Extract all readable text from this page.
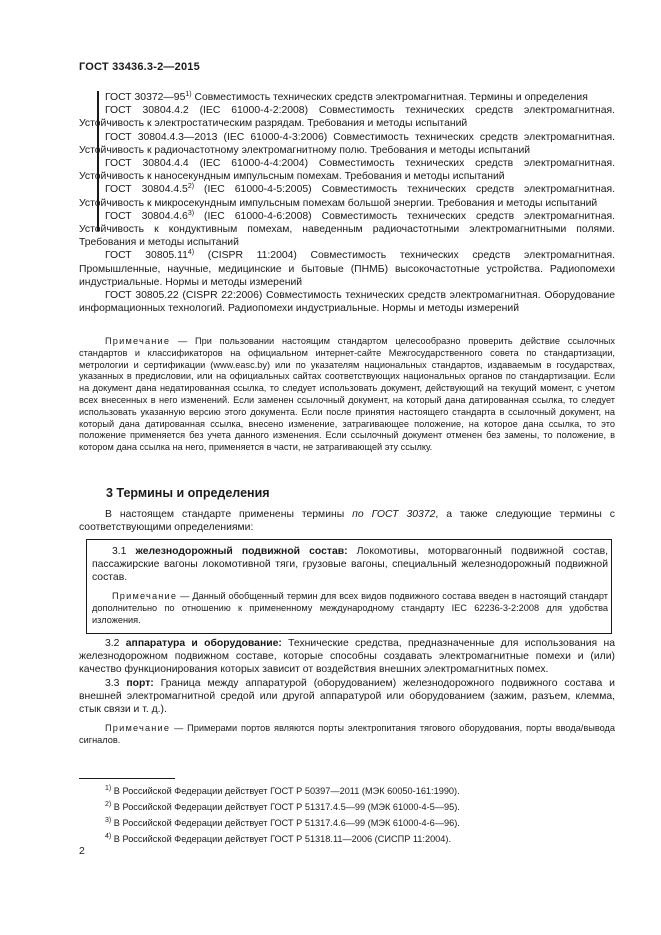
ГОСТ 33436.3-2—2015

ГОСТ 30372—95$^{1)}$ Совместимость технических средств электромагнитная. Термины и определения

ГОСТ 30804.4.2 (IEC 61000-4-2:2008) Совместимость технических средств электромагнитная. Устойчивость к электростатическим разрядам. Требования и методы испытаний

ГОСТ 30804.4.3—2013 (IEC 61000-4-3:2006) Совместимость технических средств электромагнитная. Устойчивость к радиочастотному электромагнитному полю. Требования и методы испытаний

ГОСТ 30804.4.4 (IEC 61000-4-4:2004) Совместимость технических средств электромагнитная. Устойчивость к наносекундным импульсным помехам. Требования и методы испытаний

ГОСТ 30804.4.5$^{2)}$ (IEC 61000-4-5:2005) Совместимость технических средств электромагнитная. Устойчивость к микросекундным импульсным помехам большой энергии. Требования и методы испытаний

ГОСТ 30804.4.6$^{3)}$ (IEC 61000-4-6:2008) Совместимость технических средств электромагнитная. Устойчивость к кондуктивным помехам, наведенным радиочастотными электромагнитными полями. Требования и методы испытаний

ГОСТ 30805.11$^{4)}$ (CISPR 11:2004) Совместимость технических средств электромагнитная. Промышленные, научные, медицинские и бытовые (ПНМБ) высокочастотные устройства. Радиопомехи индустриальные. Нормы и методы измерений

ГОСТ 30805.22 (CISPR 22:2006) Совместимость технических средств электромагнитная. Оборудование информационных технологий. Радиопомехи индустриальные. Нормы и методы измерений

Примечание — При пользовании настоящим стандартом целесообразно проверить действие ссылочных стандартов и классификаторов на официальном интернет-сайте Межгосударственного совета по стандартизации, метрологии и сертификации (www.easc.by) или по указателям национальных стандартов, издаваемым в государствах, указанных в предисловии, или на официальных сайтах соответствующих национальных органов по стандартизации. Если на документ дана недатированная ссылка, то следует использовать документ, действующий на текущий момент, с учетом всех внесенных в него изменений. Если заменен ссылочный документ, на который дана датированная ссылка, то следует использовать указанную версию этого документа. Если после принятия настоящего стандарта в ссылочный документ, на который дана датированная ссылка, внесено изменение, затрагивающее положение, на которое дана ссылка, то это положение применяется без учета данного изменения. Если ссылочный документ отменен без замены, то положение, в котором дана ссылка на него, применяется в части, не затрагивающей эту ссылку.

3 Термины и определения

В настоящем стандарте применены термины по ГОСТ 30372, а также следующие термины с соответствующими определениями:

3.1 железнодорожный подвижной состав: Локомотивы, моторвагонный подвижной состав, пассажирские вагоны локомотивной тяги, грузовые вагоны, специальный железнодорожный подвижной состав.

Примечание — Данный обобщенный термин для всех видов подвижного состава введен в настоящий стандарт дополнительно по отношению к примененному международному стандарту IEC 62236-3-2:2008 для удобства изложения.

3.2 аппаратура и оборудование: Технические средства, предназначенные для использования на железнодорожном подвижном составе, которые способны создавать электромагнитные помехи и (или) качество функционирования которых зависит от воздействия внешних электромагнитных помех.

3.3 порт: Граница между аппаратурой (оборудованием) железнодорожного подвижного состава и внешней электромагнитной средой или другой аппаратурой или оборудованием (зажим, разъем, клемма, стык связи и т. д.).

Примечание — Примерами портов являются порты электропитания тягового оборудования, порты ввода/вывода сигналов.

$^{1)}$ В Российской Федерации действует ГОСТ Р 50397—2011 (МЭК 60050-161:1990).

$^{2)}$ В Российской Федерации действует ГОСТ Р 51317.4.5—99 (МЭК 61000-4-5—95).

$^{3)}$ В Российской Федерации действует ГОСТ Р 51317.4.6—99 (МЭК 61000-4-6—96).

$^{4)}$ В Российской Федерации действует ГОСТ Р 51318.11—2006 (СИСПР 11:2004).

2
